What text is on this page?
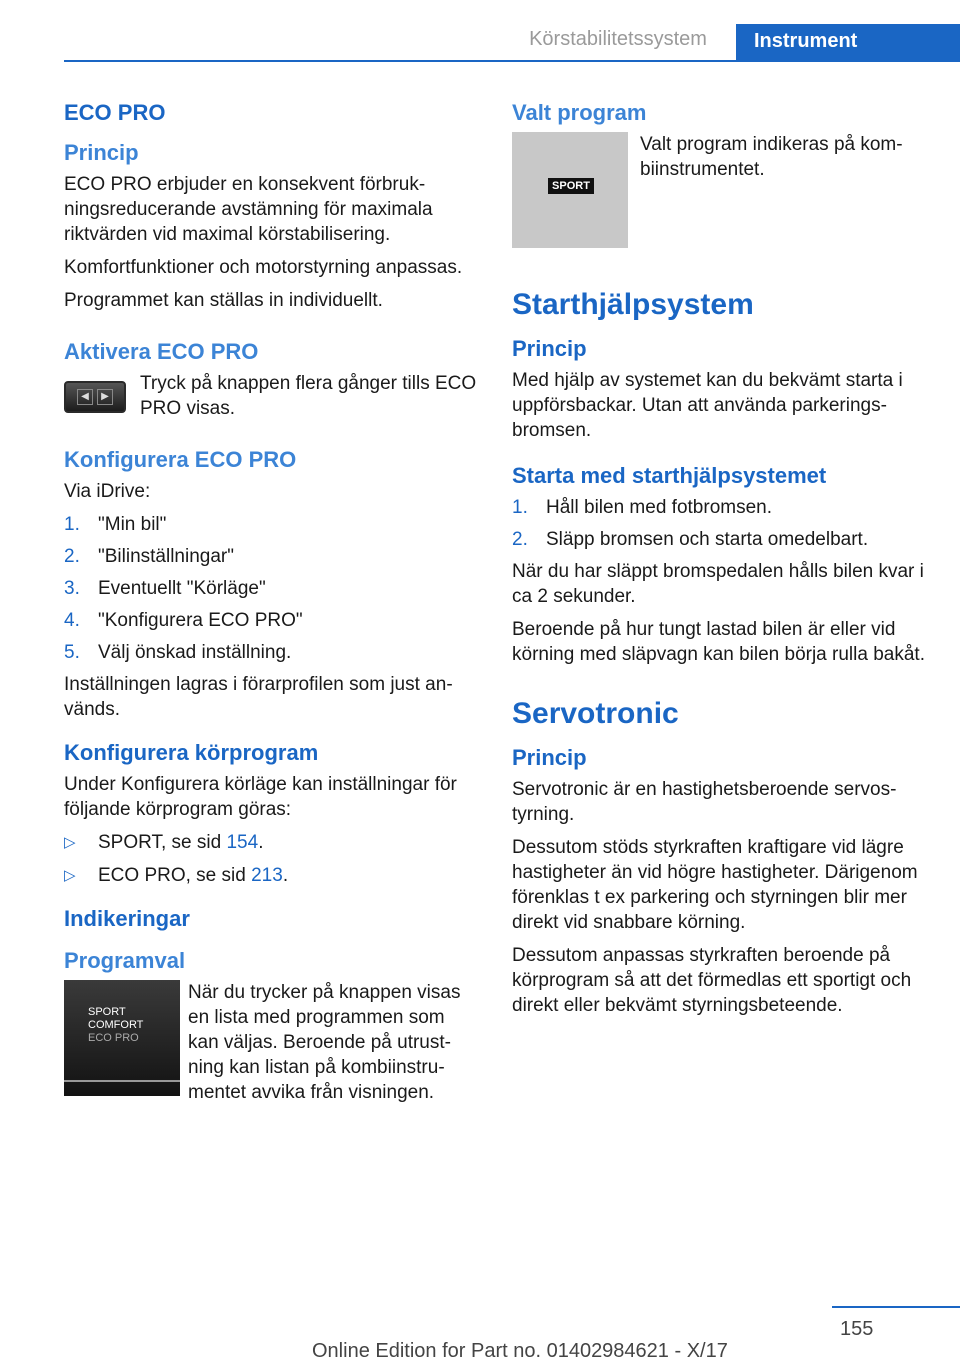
Körstabilitetssystem	Instrument
ECO PRO
Princip

ECO PRO erbjuder en konsekvent förbrukningsreducerande avstämning för maximala riktvärden vid maximal körstabilisering.

Komfortfunktioner och motorstyrning anpassas.

Programmet kan ställas in individuellt.

Aktivera ECO PRO
◀	▶
Tryck på knappen flera gånger tills ECO PRO visas.
Konfigurera ECO PRO

Via iDrive:

1. "Min bil"
2. "Bilinställningar"
3. Eventuellt "Körläge"
4. "Konfigurera ECO PRO"
5. Välj önskad inställning.

Inställningen lagras i förarprofilen som just används.

Konfigurera körprogram

Under Konfigurera körläge kan inställningar för följande körprogram göras:

▷	SPORT, se sid 154.
▷	ECO PRO, se sid 213.
Indikeringar
Programval
SPORT
COMFORT
ECO PRO
När du trycker på knappen visas en lista med programmen som kan väljas. Beroende på utrustning kan listan på kombiinstrumentet avvika från visningen.
Valt program
SPORT
Valt program indikeras på kombiinstrumentet.
Starthjälpsystem
Princip

Med hjälp av systemet kan du bekvämt starta i uppförsbackar. Utan att använda parkeringsbromsen.

Starta med starthjälpsystemet
1. Håll bilen med fotbromsen.
2. Släpp bromsen och starta omedelbart.

När du har släppt bromspedalen hålls bilen kvar i ca 2 sekunder.

Beroende på hur tungt lastad bilen är eller vid körning med släpvagn kan bilen börja rulla bakåt.

Servotronic
Princip

Servotronic är en hastighetsberoende servostyrning.

Dessutom stöds styrkraften kraftigare vid lägre hastigheter än vid högre hastigheter. Därigenom förenklas t ex parkering och styrningen blir mer direkt vid snabbare körning.

Dessutom anpassas styrkraften beroende på körprogram så att det förmedlas ett sportigt och direkt eller bekvämt styrningsbeteende.

155
Online Edition for Part no. 01402984621 - X/17
